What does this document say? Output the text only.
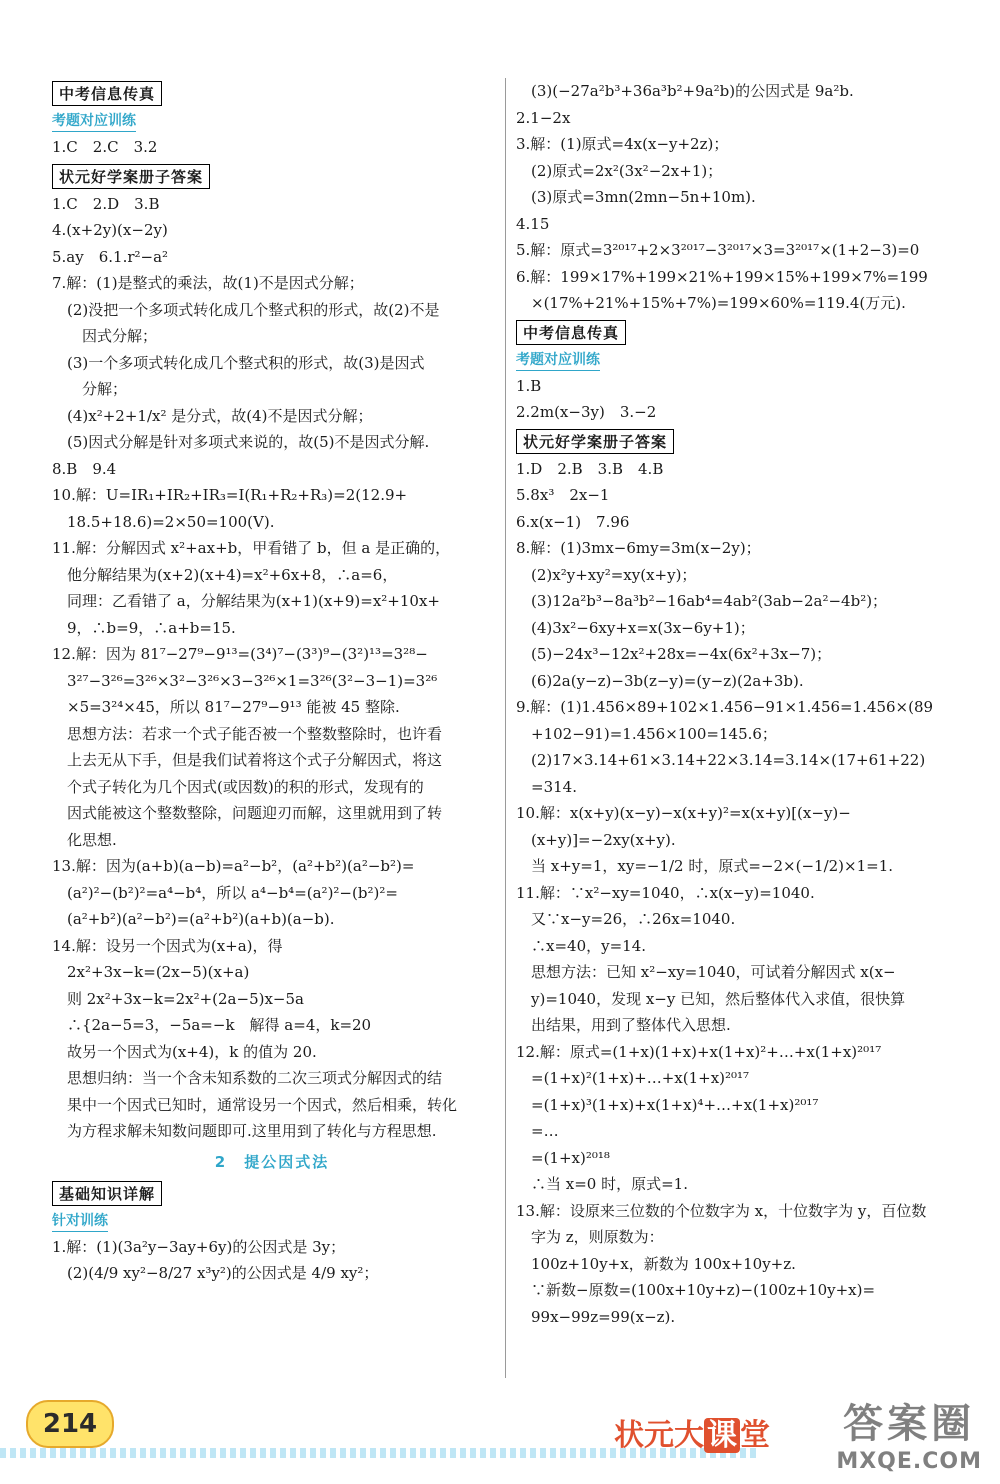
中考信息传真
考题对应训练
1.C　2.C　3.2
状元好学案册子答案
1.C　2.D　3.B
4.(x+2y)(x−2y)
5.ay　6.1.r²−a²
7.解：(1)是整式的乘法，故(1)不是因式分解；
　(2)没把一个多项式转化成几个整式积的形式，故(2)不是
　　因式分解；
　(3)一个多项式转化成几个整式积的形式，故(3)是因式
　　分解；
　(4)x²+2+1/x² 是分式，故(4)不是因式分解；
　(5)因式分解是针对多项式来说的，故(5)不是因式分解.
8.B　9.4
10.解：U=IR₁+IR₂+IR₃=I(R₁+R₂+R₃)=2(12.9+
　18.5+18.6)=2×50=100(V).
11.解：分解因式 x²+ax+b，甲看错了 b，但 a 是正确的，
　他分解结果为(x+2)(x+4)=x²+6x+8，∴a=6，
　同理：乙看错了 a，分解结果为(x+1)(x+9)=x²+10x+
　9，∴b=9，∴a+b=15.
12.解：因为 81⁷−27⁹−9¹³=(3⁴)⁷−(3³)⁹−(3²)¹³=3²⁸−
　3²⁷−3²⁶=3²⁶×3²−3²⁶×3−3²⁶×1=3²⁶(3²−3−1)=3²⁶
　×5=3²⁴×45，所以 81⁷−27⁹−9¹³ 能被 45 整除.
　思想方法：若求一个式子能否被一个整数整除时，也许看
　上去无从下手，但是我们试着将这个式子分解因式，将这
　个式子转化为几个因式(或因数)的积的形式，发现有的
　因式能被这个整数整除，问题迎刃而解，这里就用到了转
　化思想.
13.解：因为(a+b)(a−b)=a²−b²，(a²+b²)(a²−b²)=
　(a²)²−(b²)²=a⁴−b⁴，所以 a⁴−b⁴=(a²)²−(b²)²=
　(a²+b²)(a²−b²)=(a²+b²)(a+b)(a−b).
14.解：设另一个因式为(x+a)，得
　2x²+3x−k=(2x−5)(x+a)
　则 2x²+3x−k=2x²+(2a−5)x−5a
　∴{2a−5=3，−5a=−k　解得 a=4，k=20
　故另一个因式为(x+4)，k 的值为 20.
　思想归纳：当一个含未知系数的二次三项式分解因式的结
　果中一个因式已知时，通常设另一个因式，然后相乘，转化
　为方程求解未知数问题即可.这里用到了转化与方程思想.
2　提公因式法
基础知识详解
针对训练
1.解：(1)(3a²y−3ay+6y)的公因式是 3y；
　(2)(4/9 xy²−8/27 x³y²)的公因式是 4/9 xy²；
　(3)(−27a²b³+36a³b²+9a²b)的公因式是 9a²b.
2.1−2x
3.解：(1)原式=4x(x−y+2z)；
　(2)原式=2x²(3x²−2x+1)；
　(3)原式=3mn(2mn−5n+10m).
4.15
5.解：原式=3²⁰¹⁷+2×3²⁰¹⁷−3²⁰¹⁷×3=3²⁰¹⁷×(1+2−3)=0
6.解：199×17%+199×21%+199×15%+199×7%=199
　×(17%+21%+15%+7%)=199×60%=119.4(万元).
中考信息传真
考题对应训练
1.B
2.2m(x−3y)　3.−2
状元好学案册子答案
1.D　2.B　3.B　4.B
5.8x³　2x−1
6.x(x−1)　7.96
8.解：(1)3mx−6my=3m(x−2y)；
　(2)x²y+xy²=xy(x+y)；
　(3)12a²b³−8a³b²−16ab⁴=4ab²(3ab−2a²−4b²)；
　(4)3x²−6xy+x=x(3x−6y+1)；
　(5)−24x³−12x²+28x=−4x(6x²+3x−7)；
　(6)2a(y−z)−3b(z−y)=(y−z)(2a+3b).
9.解：(1)1.456×89+102×1.456−91×1.456=1.456×(89
　+102−91)=1.456×100=145.6；
　(2)17×3.14+61×3.14+22×3.14=3.14×(17+61+22)
　=314.
10.解：x(x+y)(x−y)−x(x+y)²=x(x+y)[(x−y)−
　(x+y)]=−2xy(x+y).
　当 x+y=1，xy=−1/2 时，原式=−2×(−1/2)×1=1.
11.解：∵x²−xy=1040，∴x(x−y)=1040.
　又∵x−y=26，∴26x=1040.
　∴x=40，y=14.
　思想方法：已知 x²−xy=1040，可试着分解因式 x(x−
　y)=1040，发现 x−y 已知，然后整体代入求值，很快算
　出结果，用到了整体代入思想.
12.解：原式=(1+x)(1+x)+x(1+x)²+…+x(1+x)²⁰¹⁷
　=(1+x)²(1+x)+…+x(1+x)²⁰¹⁷
　=(1+x)³(1+x)+x(1+x)⁴+…+x(1+x)²⁰¹⁷
　=…
　=(1+x)²⁰¹⁸
　∴当 x=0 时，原式=1.
13.解：设原来三位数的个位数字为 x，十位数字为 y，百位数
　字为 z，则原数为：
　100z+10y+x，新数为 100x+10y+z.
　∵新数−原数=(100x+10y+z)−(100z+10y+x)=
　99x−99z=99(x−z).
214	状元大 课 堂 答案圈
MXQE.COM
